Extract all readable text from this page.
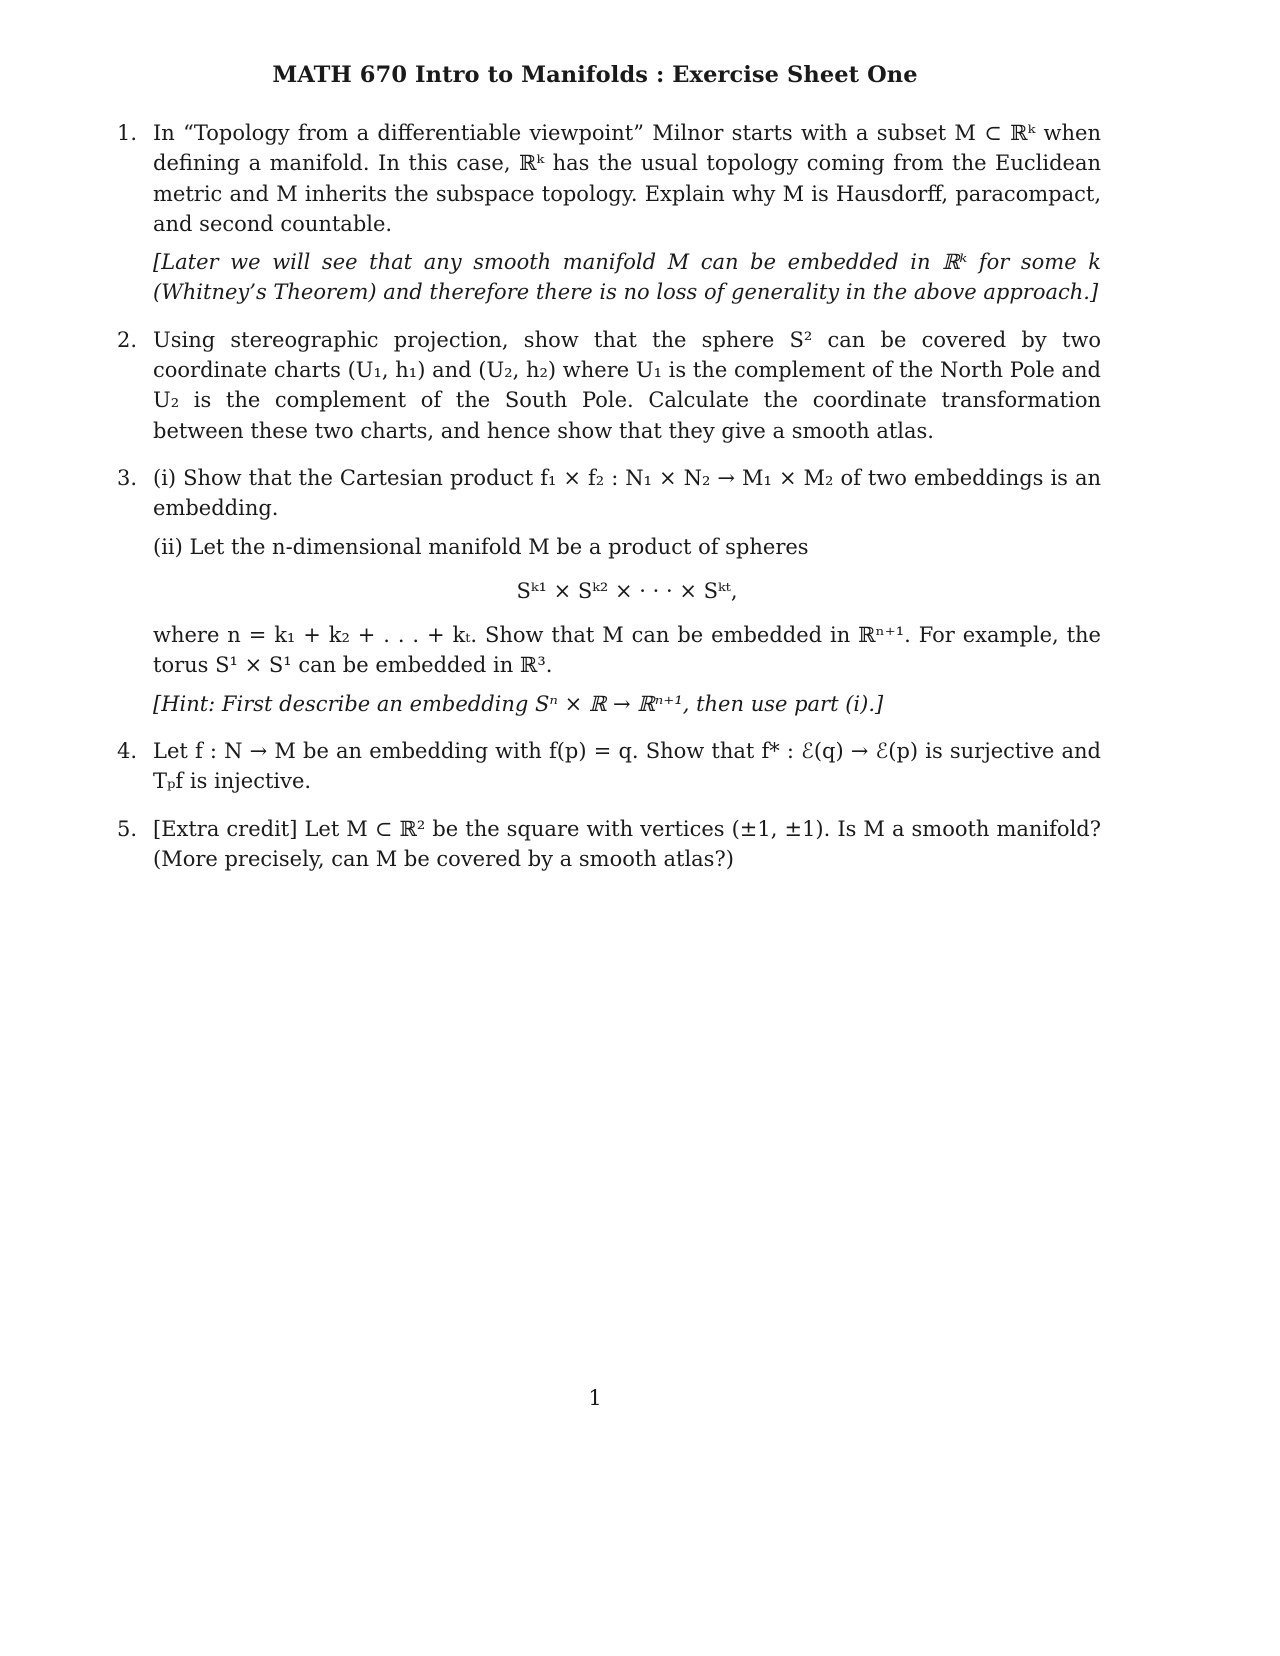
MATH 670 Intro to Manifolds : Exercise Sheet One
1. In “Topology from a differentiable viewpoint” Milnor starts with a subset M ⊂ ℝᵏ when defining a manifold. In this case, ℝᵏ has the usual topology coming from the Euclidean metric and M inherits the subspace topology. Explain why M is Hausdorff, paracompact, and second countable.

[Later we will see that any smooth manifold M can be embedded in ℝᵏ for some k (Whitney’s Theorem) and therefore there is no loss of generality in the above approach.]

2. Using stereographic projection, show that the sphere S² can be covered by two coordinate charts (U₁, h₁) and (U₂, h₂) where U₁ is the complement of the North Pole and U₂ is the complement of the South Pole. Calculate the coordinate transformation between these two charts, and hence show that they give a smooth atlas.

3. (i) Show that the Cartesian product f₁ × f₂ : N₁ × N₂ → M₁ × M₂ of two embeddings is an embedding.

(ii) Let the n-dimensional manifold M be a product of spheres

Sᵏ¹ × Sᵏ² × · · · × Sᵏᵗ,

where n = k₁ + k₂ + . . . + kₜ. Show that M can be embedded in ℝⁿ⁺¹. For example, the torus S¹ × S¹ can be embedded in ℝ³.

[Hint: First describe an embedding Sⁿ × ℝ → ℝⁿ⁺¹, then use part (i).]

4. Let f : N → M be an embedding with f(p) = q. Show that f* : ℰ(q) → ℰ(p) is surjective and Tₚf is injective.

5. [Extra credit] Let M ⊂ ℝ² be the square with vertices (±1, ±1). Is M a smooth manifold? (More precisely, can M be covered by a smooth atlas?)

1
